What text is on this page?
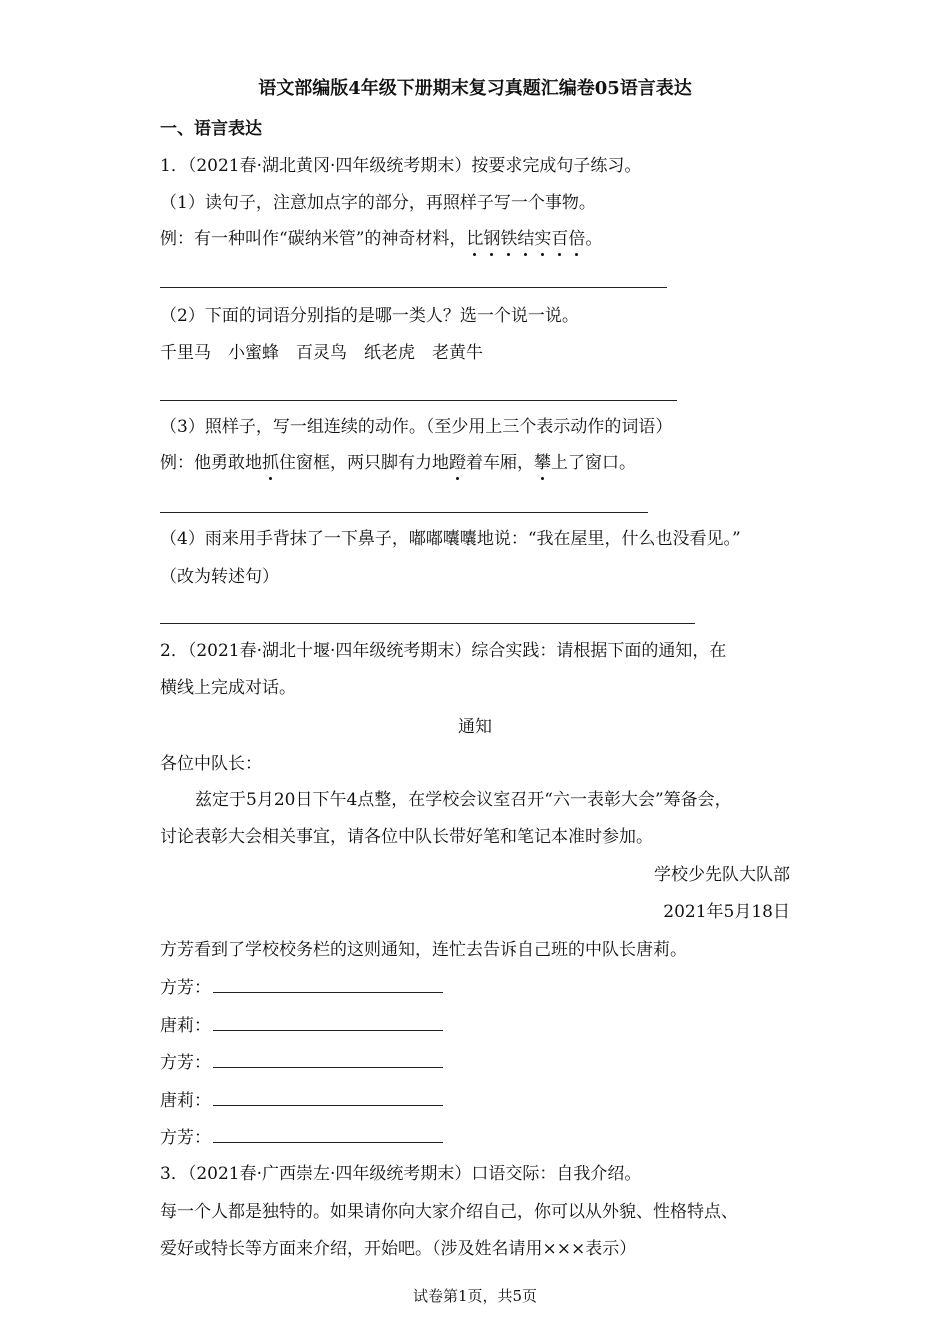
语文部编版4年级下册期末复习真题汇编卷05语言表达
一、语言表达
1．（2021春·湖北黄冈·四年级统考期末）按要求完成句子练习。
（1）读句子，注意加点字的部分，再照样子写一个事物。
例：有一种叫作“碳纳米管”的神奇材料，比钢铁结实百倍。
（2）下面的词语分别指的是哪一类人？选一个说一说。
千里马　小蜜蜂　百灵鸟　纸老虎　老黄牛
（3）照样子，写一组连续的动作。（至少用上三个表示动作的词语）
例：他勇敢地抓住窗框，两只脚有力地蹬着车厢，攀上了窗口。
（4）雨来用手背抹了一下鼻子，嘟嘟囔囔地说：“我在屋里，什么也没看见。”
（改为转述句）
2．（2021春·湖北十堰·四年级统考期末）综合实践：请根据下面的通知，在
横线上完成对话。
通知
各位中队长：
兹定于5月20日下午4点整，在学校会议室召开“六一表彰大会”筹备会，
讨论表彰大会相关事宜，请各位中队长带好笔和笔记本准时参加。
学校少先队大队部
2021年5月18日
方芳看到了学校校务栏的这则通知，连忙去告诉自己班的中队长唐莉。
方芳：
唐莉：
方芳：
唐莉：
方芳：
3．（2021春·广西崇左·四年级统考期末）口语交际：自我介绍。
每一个人都是独特的。如果请你向大家介绍自己，你可以从外貌、性格特点、
爱好或特长等方面来介绍，开始吧。（涉及姓名请用×××表示）
试卷第1页，共5页
